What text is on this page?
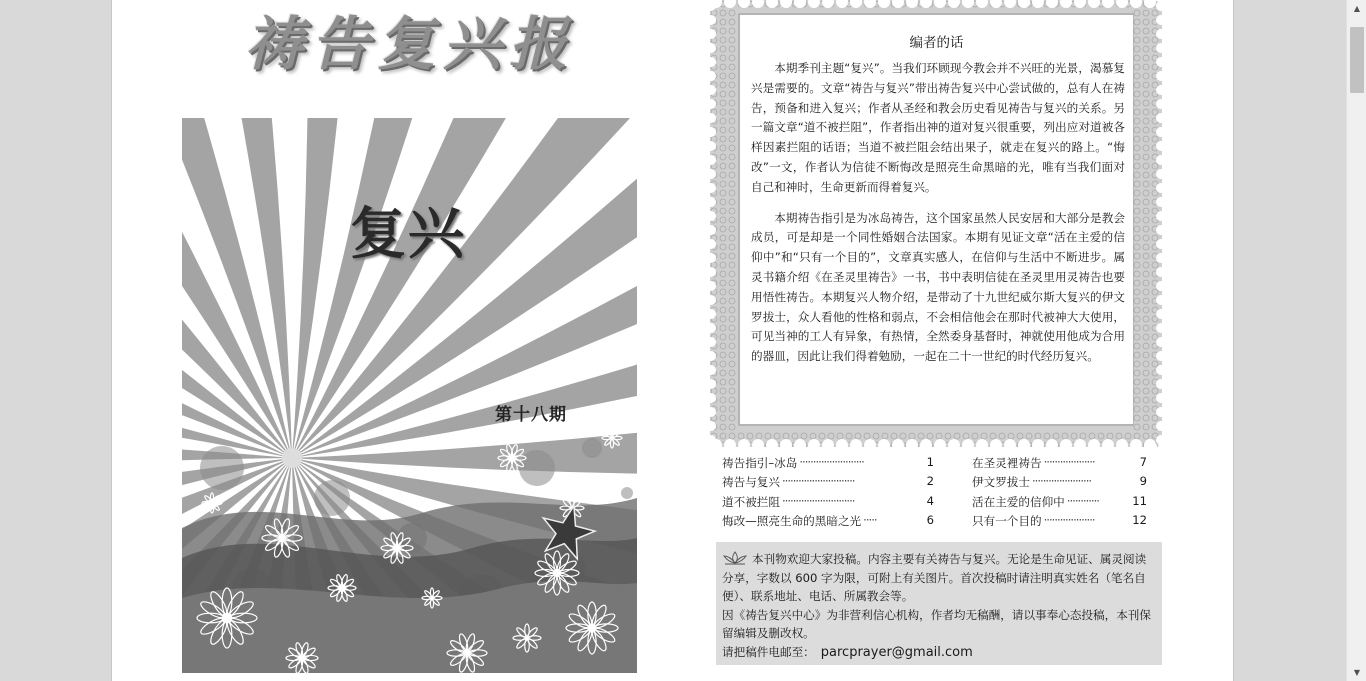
祷告复兴报
复兴
第十八期
编者的话

本期季刊主题“复兴”。当我们环顾现今教会并不兴旺的光景，渴慕复兴是需要的。文章“祷告与复兴”带出祷告复兴中心尝试做的，总有人在祷告，预备和进入复兴；作者从圣经和教会历史看见祷告与复兴的关系。另一篇文章“道不被拦阻”，作者指出神的道对复兴很重要，列出应对道被各样因素拦阻的话语；当道不被拦阻会结出果子，就走在复兴的路上。“悔改”一文，作者认为信徒不断悔改是照亮生命黑暗的光，唯有当我们面对自己和神时，生命更新而得着复兴。

本期祷告指引是为冰岛祷告，这个国家虽然人民安居和大部分是教会成员，可是却是一个同性婚姻合法国家。本期有见证文章“活在主爱的信仰中”和“只有一个目的”，文章真实感人，在信仰与生活中不断进步。属灵书籍介绍《在圣灵里祷告》一书，书中表明信徒在圣灵里用灵祷告也要用悟性祷告。本期复兴人物介绍，是带动了十九世纪威尔斯大复兴的伊文罗拔士，众人看他的性格和弱点，不会相信他会在那时代被神大大使用，可见当神的工人有异象，有热情，全然委身基督时，神就使用他成为合用的器皿，因此让我们得着勉励，一起在二十一世纪的时代经历复兴。

祷告指引–冰岛 ························	1	在圣灵裡祷告 ···················	7
祷告与复兴 ···························	2	伊文罗拔士 ······················	9
道不被拦阻 ···························	4	活在主爱的信仰中 ············	11
悔改—照亮生命的黑暗之光 ·····	6	只有一个目的 ···················	12

本刊物欢迎大家投稿。内容主要有关祷告与复兴。无论是生命见证、属灵阅读分享，字数以 600 字为限，可附上有关图片。首次投稿时请注明真实姓名（笔名自便）、联系地址、电话、所属教会等。

因《祷告复兴中心》为非营利信心机构，作者均无稿酬，请以事奉心态投稿，本刊保留编辑及删改权。

请把稿件电邮至： parcprayer@gmail.com

▲
▼
